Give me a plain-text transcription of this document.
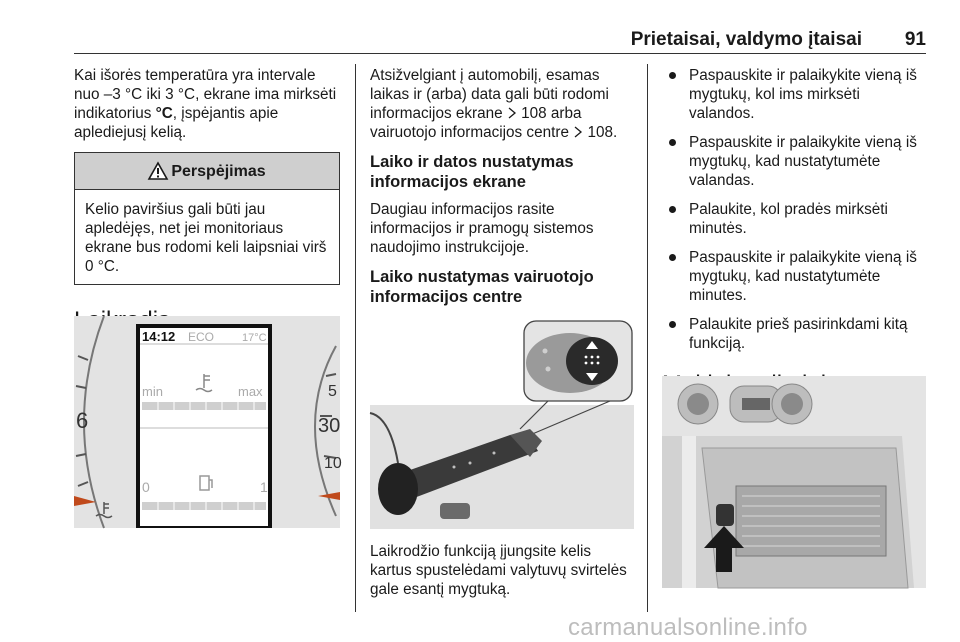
Prietaisai, valdymo įtaisai 91

Kai išorės temperatūra yra intervale nuo –3 °C iki 3 °C, ekrane ima mirksėti indikatorius °C, įspėjantis apie aplediejusį kelią.

Perspėjimas
Kelio paviršius gali būti jau apledėjęs, net jei monitoriaus ekrane bus rodomi keli laipsniai virš 0 °C.
14:12 ECO	17°C
min	max
0	1
6
5
30
10

Atsižvelgiant į automobilį, esamas laikas ir (arba) data gali būti rodomi informacijos ekrane  108 arba vairuotojo informacijos centre  108.

Laiko ir datos nustatymas informacijos ekrane

Daugiau informacijos rasite informacijos ir pramogų sistemos naudojimo instrukcijoje.

Laiko nustatymas vairuotojo informacijos centre

Laikrodžio funkciją įjungsite kelis kartus spustelėdami valytuvų svirtelės gale esantį mygtuką.

Paspauskite ir palaikykite vieną iš mygtukų, kol ims mirksėti valandos.
Paspauskite ir palaikykite vieną iš mygtukų, kad nustatytumėte valandas.
Palaukite, kol pradės mirksėti minutės.
Paspauskite ir palaikykite vieną iš mygtukų, kad nustatytumėte minutes.
Palaukite prieš pasirinkdami kitą funkciją.
carmanualsonline.info
